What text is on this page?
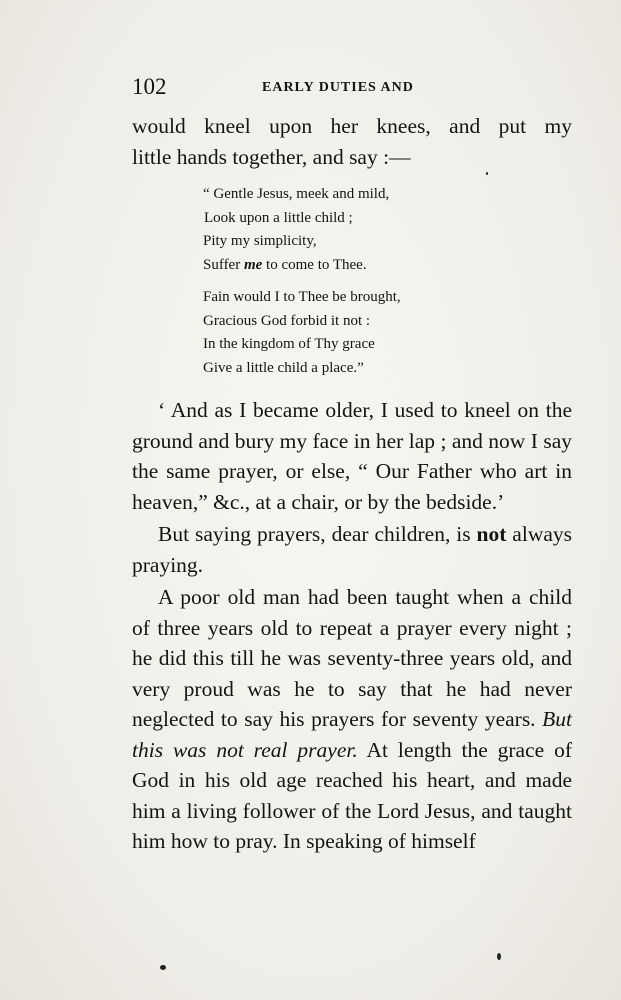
102	EARLY DUTIES AND
would kneel upon her knees, and put my
little hands together, and say :—
“ Gentle Jesus, meek and mild,
Look upon a little child ;
Pity my simplicity,
Suffer me to come to Thee.
Fain would I to Thee be brought,
Gracious God forbid it not :
In the kingdom of Thy grace
Give a little child a place.”

‘ And as I became older, I used to kneel on the ground and bury my face in her lap ; and now I say the same prayer, or else, “ Our Father who art in heaven,” &c., at a chair, or by the bedside.’

But saying prayers, dear children, is not always praying.

A poor old man had been taught when a child of three years old to repeat a prayer every night ; he did this till he was seventy-three years old, and very proud was he to say that he had never neglected to say his prayers for seventy years. But this was not real prayer. At length the grace of God in his old age reached his heart, and made him a living follower of the Lord Jesus, and taught him how to pray. In speaking of himself
